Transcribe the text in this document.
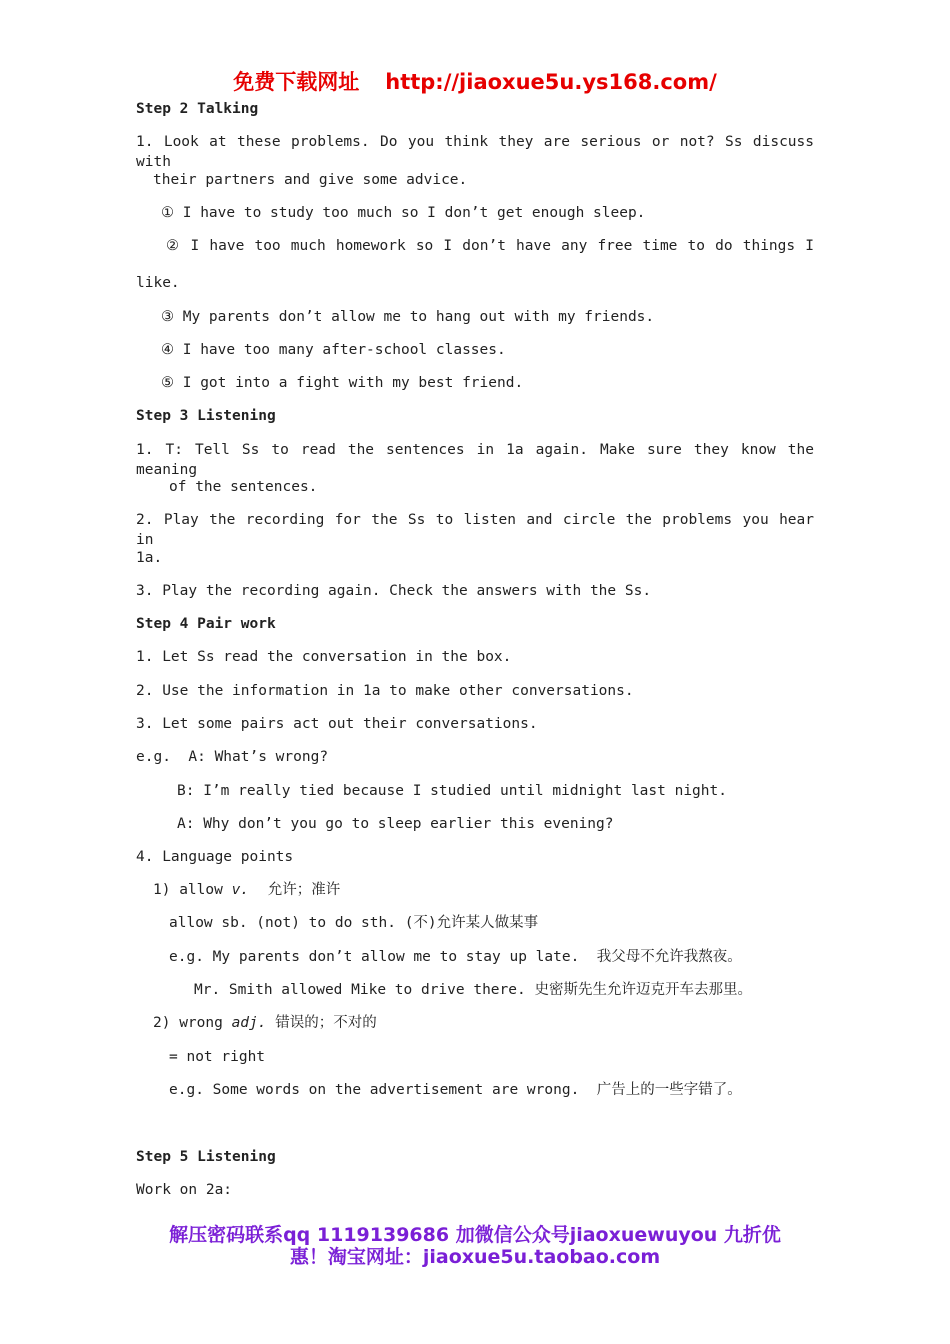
免费下载网址 http://jiaoxue5u.ys168.com/
Step 2 Talking
1. Look at these problems. Do you think they are serious or not? Ss discuss with
their partners and give some advice.
① I have to study too much so I don’t get enough sleep.
② I have too much homework so I don’t have any free time to do things I
like.
③ My parents don’t allow me to hang out with my friends.
④ I have too many after-school classes.
⑤ I got into a fight with my best friend.
Step 3 Listening
1. T: Tell Ss to read the sentences in 1a again. Make sure they know the meaning
of the sentences.
2. Play the recording for the Ss to listen and circle the problems you hear in
1a.
3. Play the recording again. Check the answers with the Ss.
Step 4 Pair work
1. Let Ss read the conversation in the box.
2. Use the information in 1a to make other conversations.
3. Let some pairs act out their conversations.
e.g.  A: What’s wrong?
B: I’m really tied because I studied until midnight last night.
A: Why don’t you go to sleep earlier this evening?
4. Language points
1) allow v. 允许；准许
allow sb. (not) to do sth. (不)允许某人做某事
e.g. My parents don’t allow me to stay up late.  我父母不允许我熬夜。
Mr. Smith allowed Mike to drive there. 史密斯先生允许迈克开车去那里。
2) wrong adj. 错误的；不对的
= not right
e.g. Some words on the advertisement are wrong.  广告上的一些字错了。
Step 5 Listening
Work on 2a:
解压密码联系qq 1119139686 加微信公众号jiaoxuewuyou 九折优
惠！淘宝网址：jiaoxue5u.taobao.com
